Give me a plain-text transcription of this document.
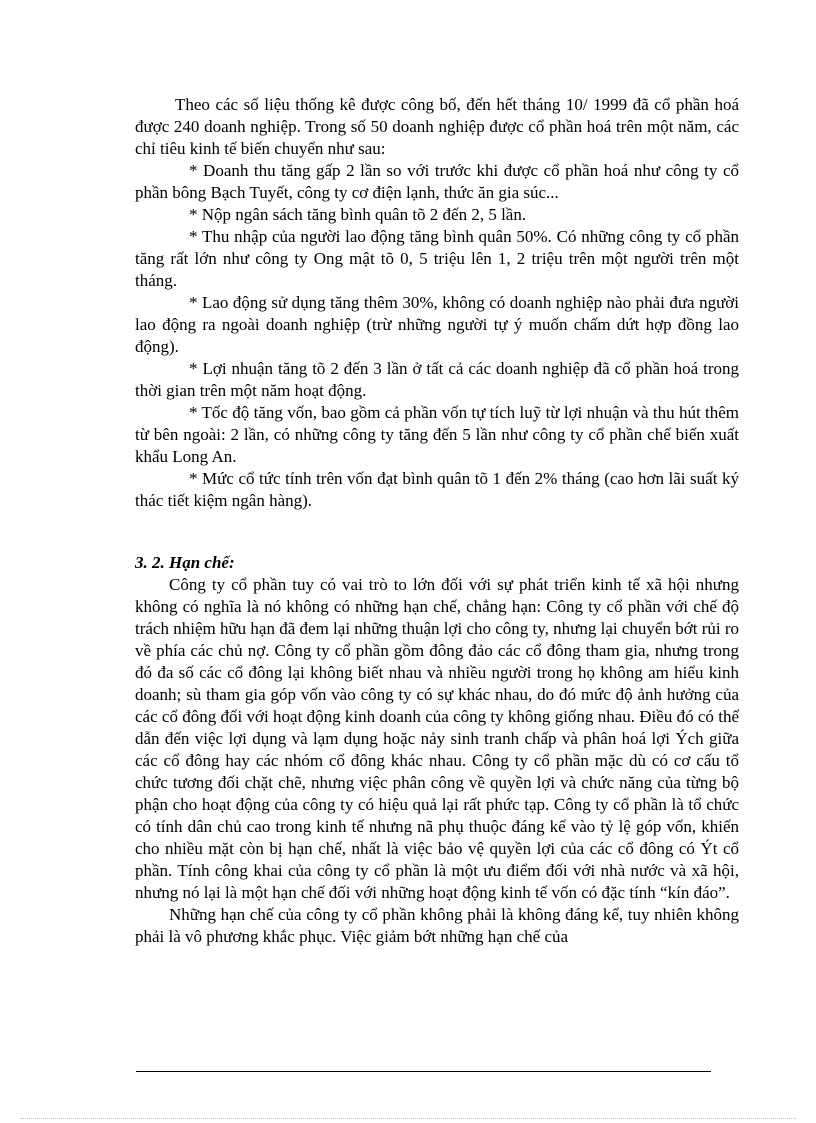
Theo các số liệu thống kê được công bố, đến hết tháng 10/ 1999 đã cổ phần hoá được 240 doanh nghiệp. Trong số 50 doanh nghiệp được cổ phần hoá trên một năm, các chỉ tiêu kinh tế biến chuyển như sau:

* Doanh thu tăng gấp 2 lần so với trước khi được cổ phần hoá như công ty cổ phần bông Bạch Tuyết, công ty cơ điện lạnh, thức ăn gia súc...

* Nộp ngân sách tăng bình quân tõ 2 đến 2, 5 lần.

* Thu nhập của người lao động tăng bình quân 50%. Có những công ty cổ phần tăng rất lớn như công ty Ong mật tõ 0, 5 triệu lên 1, 2 triệu trên một người trên một tháng.

* Lao động sử dụng tăng thêm 30%, không có doanh nghiệp nào phải đưa người lao động ra ngoài doanh nghiệp (trừ những người tự ý muốn chấm dứt hợp đồng lao động).

* Lợi nhuận tăng tõ 2 đến 3 lần ở tất cả các doanh nghiệp đã cổ phần hoá trong thời gian trên một năm hoạt động.

* Tốc độ tăng vốn, bao gồm cả phần vốn tự tích luỹ từ lợi nhuận và thu hút thêm từ bên ngoài: 2 lần, có những công ty tăng đến 5 lần như công ty cổ phần chế biến xuất khẩu Long An.

* Mức cổ tức tính trên vốn đạt bình quân tõ 1 đến 2% tháng (cao hơn lãi suất ký thác tiết kiệm ngân hàng).

3. 2. Hạn chế:

Công ty cổ phần tuy có vai trò to lớn đối với sự phát triển kinh tế xã hội nhưng không có nghĩa là nó không có những hạn chế, chẳng hạn: Công ty cổ phần với chế độ trách nhiệm hữu hạn đã đem lại những thuận lợi cho công ty, nhưng lại chuyển bớt rủi ro về phía các chủ nợ. Công ty cổ phần gồm đông đảo các cổ đông tham gia, nhưng trong đó đa số các cổ đông lại không biết nhau và nhiều người trong họ không am hiểu kinh doanh; sù tham gia góp vốn vào công ty có sự khác nhau, do đó mức độ ảnh hưởng của các cổ đông đối với hoạt động kinh doanh của công ty không giống nhau. Điều đó có thể dẫn đến việc lợi dụng và lạm dụng hoặc nảy sinh tranh chấp và phân hoá lợi Ých giữa các cổ đông hay các nhóm cổ đông khác nhau. Công ty cổ phần mặc dù có cơ cấu tổ chức tương đối chặt chẽ, nhưng việc phân công về quyền lợi và chức năng của từng bộ phận cho hoạt động của công ty có hiệu quả lại rất phức tạp. Công ty cổ phần là tổ chức có tính dân chủ cao trong kinh tế nhưng nã phụ thuộc đáng kể vào tỷ lệ góp vốn, khiến cho nhiều mặt còn bị hạn chế, nhất là việc bảo vệ quyền lợi của các cổ đông có Ýt cổ phần. Tính công khai của công ty cổ phần là một ưu điểm đối với nhà nước và xã hội, nhưng nó lại là một hạn chế đối với những hoạt động kinh tế vốn có đặc tính “kín đáo”.

Những hạn chế của công ty cổ phần không phải là không đáng kể, tuy nhiên không phải là vô phương khắc phục. Việc giảm bớt những hạn chế của
